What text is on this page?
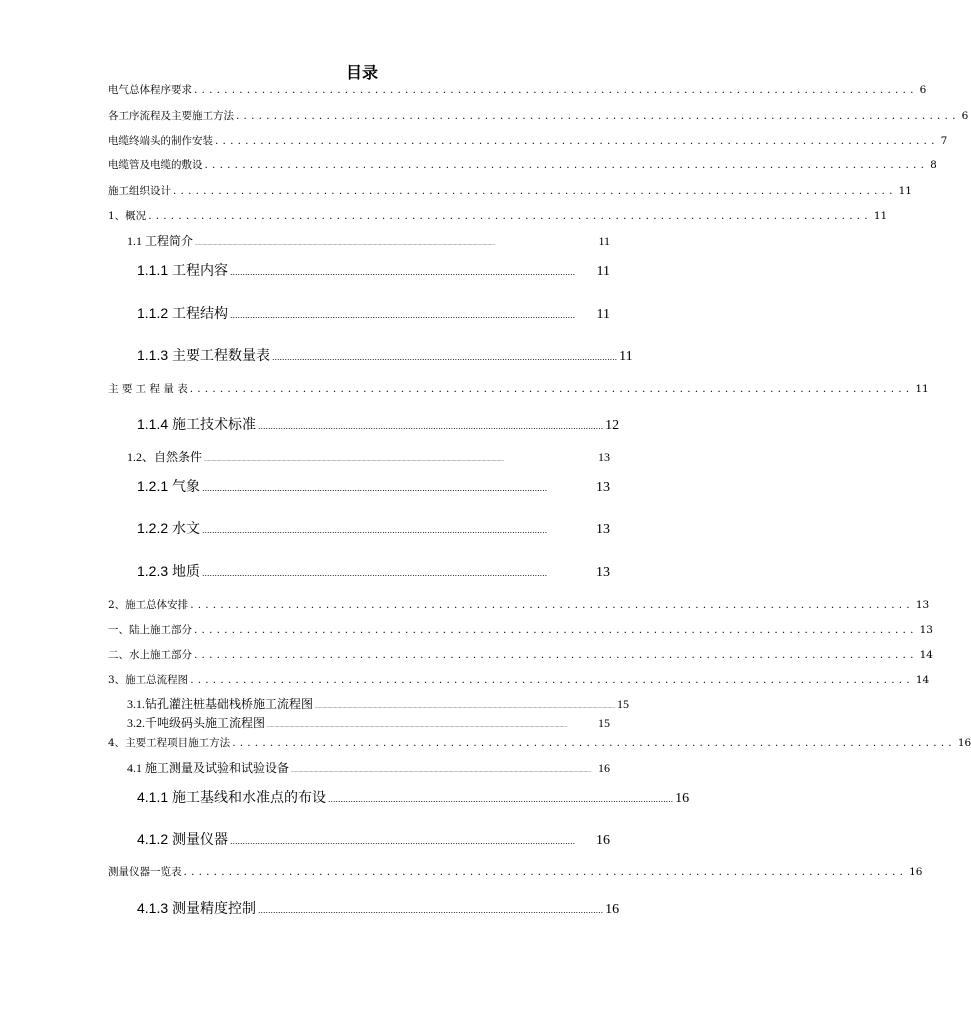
目录
电气总体程序要求 ................................................................................................ 6
各工序流程及主要施工方法 ................................................................................................ 6
电缆终端头的制作安装 ................................................................................................ 7
电缆管及电缆的敷设 ................................................................................................ 8
施工组织设计 ................................................................................................ 11
1、概况 ................................................................................................ 11
1.1 工程简介 ................................................................................................................................................................................................................................................	11
1.1.1 工程内容 ..........................................................................................................................................	11
1.1.2 工程结构 ..........................................................................................................................................	11
1.1.3 主要工程数量表 .......................................................................................................................................... 11
主 要 工 程 量 表 ................................................................................................ 11
1.1.4 施工技术标准 .......................................................................................................................................... 12
1.2、自然条件 ................................................................................................................................................................................................................................................	13
1.2.1 气象 ..........................................................................................................................................	13
1.2.2 水文 ..........................................................................................................................................	13
1.2.3 地质 ..........................................................................................................................................	13
2、施工总体安排 ................................................................................................ 13
一、陆上施工部分 ................................................................................................ 13
二、水上施工部分 ................................................................................................ 14
3、施工总流程图 ................................................................................................ 14
3.1.钻孔灌注桩基础栈桥施工流程图 ................................................................................................................................................................................................................................................ 15
3.2.千吨级码头施工流程图 ................................................................................................................................................................................................................................................	15
4、主要工程项目施工方法 ................................................................................................ 16
4.1 施工测量及试验和试验设备 ................................................................................................................................................................................................................................................ 16
4.1.1 施工基线和水准点的布设 .......................................................................................................................................... 16
4.1.2 测量仪器 ..........................................................................................................................................	16
测量仪器一览表 ................................................................................................ 16
4.1.3 测量精度控制 .......................................................................................................................................... 16
